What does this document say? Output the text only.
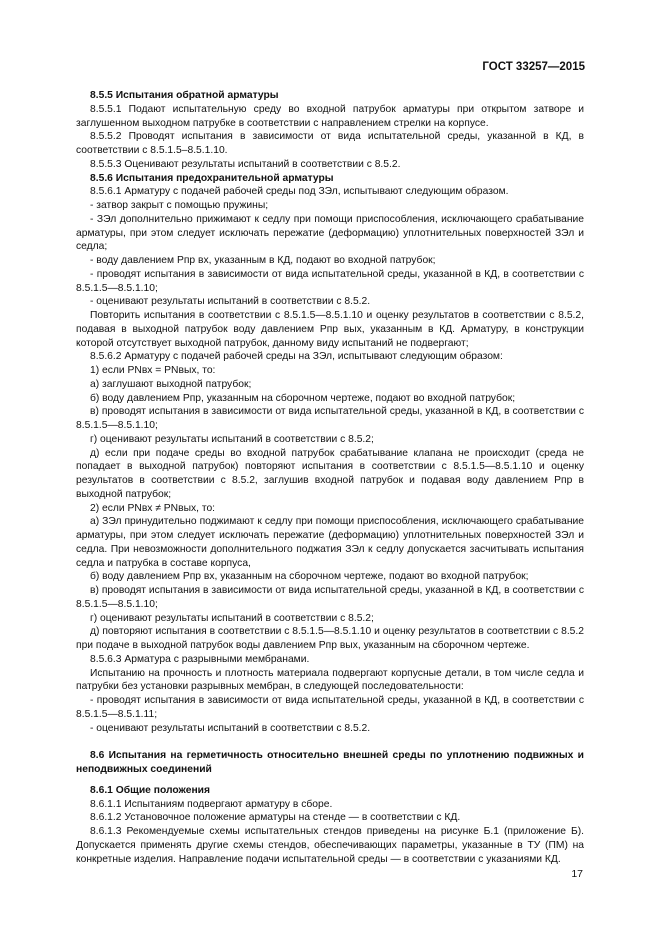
ГОСТ 33257—2015

8.5.5 Испытания обратной арматуры

8.5.5.1 Подают испытательную среду во входной патрубок арматуры при открытом затворе и заглушенном выходном патрубке в соответствии с направлением стрелки на корпусе.

8.5.5.2 Проводят испытания в зависимости от вида испытательной среды, указанной в КД, в соответствии с 8.5.1.5–8.5.1.10.

8.5.5.3 Оценивают результаты испытаний в соответствии с 8.5.2.

8.5.6 Испытания предохранительной арматуры

8.5.6.1 Арматуру с подачей рабочей среды под ЗЭл, испытывают следующим образом.

- затвор закрыт с помощью пружины;

- ЗЭл дополнительно прижимают к седлу при помощи приспособления, исключающего срабатывание арматуры, при этом следует исключать пережатие (деформацию) уплотнительных поверхностей ЗЭл и седла;

- воду давлением Pпр вх, указанным в КД, подают во входной патрубок;

- проводят испытания в зависимости от вида испытательной среды, указанной в КД, в соответствии с 8.5.1.5—8.5.1.10;

- оценивают результаты испытаний в соответствии с 8.5.2.

Повторить испытания в соответствии с 8.5.1.5—8.5.1.10 и оценку результатов в соответствии с 8.5.2, подавая в выходной патрубок воду давлением Pпр вых, указанным в КД. Арматуру, в конструкции которой отсутствует выходной патрубок, данному виду испытаний не подвергают;

8.5.6.2 Арматуру с подачей рабочей среды на ЗЭл, испытывают следующим образом:

1) если PNвх = PNвых, то:

а) заглушают выходной патрубок;

б) воду давлением Pпр, указанным на сборочном чертеже, подают во входной патрубок;

в) проводят испытания в зависимости от вида испытательной среды, указанной в КД, в соответствии с 8.5.1.5—8.5.1.10;

г) оценивают результаты испытаний в соответствии с 8.5.2;

д) если при подаче среды во входной патрубок срабатывание клапана не происходит (среда не попадает в выходной патрубок) повторяют испытания в соответствии с 8.5.1.5—8.5.1.10 и оценку результатов в соответствии с 8.5.2, заглушив входной патрубок и подавая воду давлением Pпр в выходной патрубок;

2) если PNвх ≠ PNвых, то:

а) ЗЭл принудительно поджимают к седлу при помощи приспособления, исключающего срабатывание арматуры, при этом следует исключать пережатие (деформацию) уплотнительных поверхностей ЗЭл и седла. При невозможности дополнительного поджатия ЗЭл к седлу допускается засчитывать испытания седла и патрубка в составе корпуса,

б) воду давлением Pпр вх, указанным на сборочном чертеже, подают во входной патрубок;

в) проводят испытания в зависимости от вида испытательной среды, указанной в КД, в соответствии с 8.5.1.5—8.5.1.10;

г) оценивают результаты испытаний в соответствии с 8.5.2;

д) повторяют испытания в соответствии с 8.5.1.5—8.5.1.10 и оценку результатов в соответствии с 8.5.2 при подаче в выходной патрубок воды давлением Pпр вых, указанным на сборочном чертеже.

8.5.6.3 Арматура с разрывными мембранами.

Испытанию на прочность и плотность материала подвергают корпусные детали, в том числе седла и патрубки без установки разрывных мембран, в следующей последовательности:

- проводят испытания в зависимости от вида испытательной среды, указанной в КД, в соответствии с 8.5.1.5—8.5.1.11;

- оценивают результаты испытаний в соответствии с 8.5.2.

8.6 Испытания на герметичность относительно внешней среды по уплотнению подвижных и неподвижных соединений

8.6.1 Общие положения

8.6.1.1 Испытаниям подвергают арматуру в сборе.

8.6.1.2 Установочное положение арматуры на стенде — в соответствии с КД.

8.6.1.3 Рекомендуемые схемы испытательных стендов приведены на рисунке Б.1 (приложение Б). Допускается применять другие схемы стендов, обеспечивающих параметры, указанные в ТУ (ПМ) на конкретные изделия. Направление подачи испытательной среды — в соответствии с указаниями КД.

17
